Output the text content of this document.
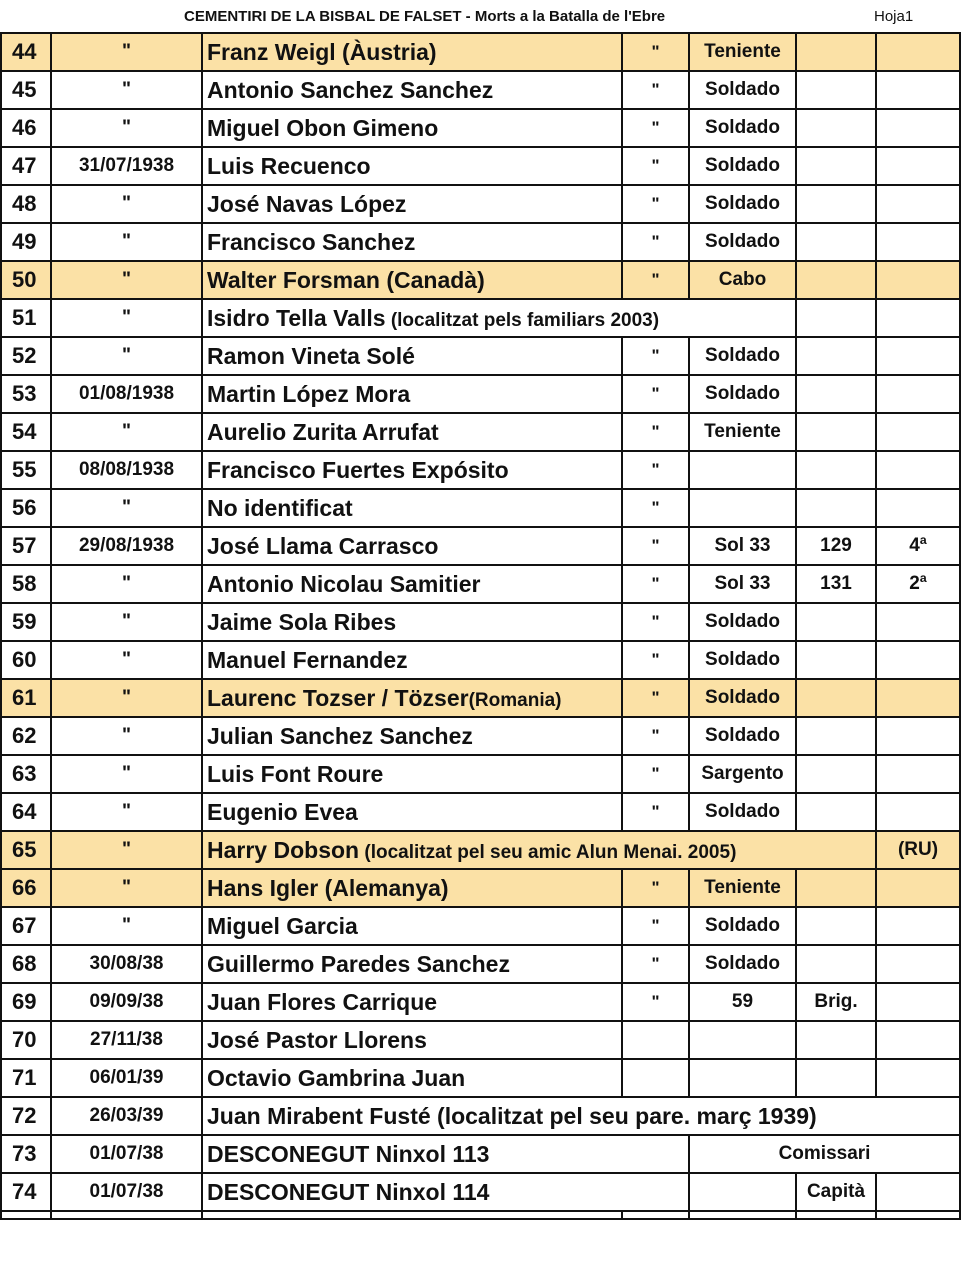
CEMENTIRI DE LA BISBAL DE FALSET - Morts a la Batalla de l'Ebre	Hoja1
44	"	Franz Weigl (Àustria)	"	Teniente		
45	"	Antonio Sanchez Sanchez	"	Soldado		
46	"	Miguel Obon Gimeno	"	Soldado		
47	31/07/1938	Luis Recuenco	"	Soldado		
48	"	José Navas López	"	Soldado		
49	"	Francisco Sanchez	"	Soldado		
50	"	Walter Forsman (Canadà)	"	Cabo		
51	"	Isidro Tella Valls (localitzat pels familiars 2003)				
52	"	Ramon Vineta Solé	"	Soldado		
53	01/08/1938	Martin López Mora	"	Soldado		
54	"	Aurelio Zurita Arrufat	"	Teniente		
55	08/08/1938	Francisco Fuertes Expósito	"			
56	"	No identificat	"			
57	29/08/1938	José Llama Carrasco	"	Sol 33	129	4ª
58	"	Antonio Nicolau Samitier	"	Sol 33	131	2ª
59	"	Jaime Sola Ribes	"	Soldado		
60	"	Manuel Fernandez	"	Soldado		
61	"	Laurenc Tozser / Tözser(Romania)	"	Soldado		
62	"	Julian Sanchez Sanchez	"	Soldado		
63	"	Luis Font Roure	"	Sargento		
64	"	Eugenio Evea	"	Soldado		
65	"	Harry Dobson (localitzat pel seu amic Alun Menai. 2005)				(RU)
66	"	Hans Igler (Alemanya)	"	Teniente		
67	"	Miguel Garcia	"	Soldado		
68	30/08/38	Guillermo Paredes Sanchez	"	Soldado		
69	09/09/38	Juan Flores Carrique	"	59	Brig.	
70	27/11/38	José Pastor Llorens				
71	06/01/39	Octavio Gambrina Juan				
72	26/03/39	Juan Mirabent Fusté (localitzat pel seu pare. març 1939)				
73	01/07/38	DESCONEGUT Ninxol 113		Comissari		
74	01/07/38	DESCONEGUT Ninxol 114			Capità	
